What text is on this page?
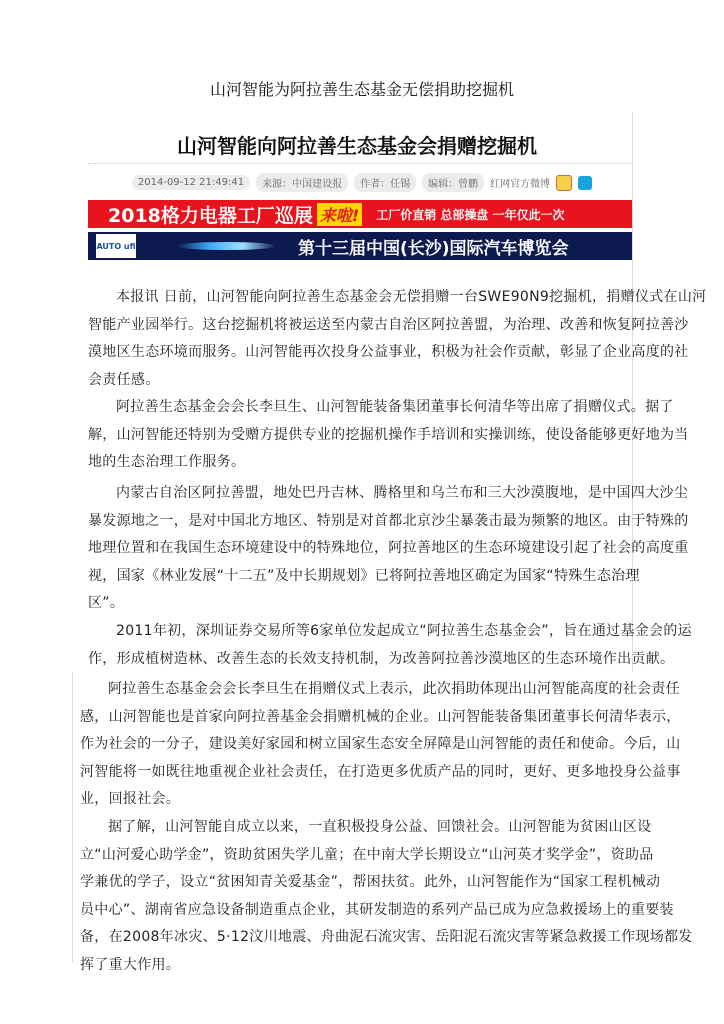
山河智能为阿拉善生态基金无偿捐助挖掘机
山河智能向阿拉善生态基金会捐赠挖掘机
2014-09-12 21:49:41	来源：中国建设报	作者：任锡	编辑：曾鹏	红网官方微博
2018格力电器工厂巡展 来啦! 工厂价直销 总部操盘 一年仅此一次
AUTO ufi	第十三届中国(长沙)国际汽车博览会
本报讯 日前，山河智能向阿拉善生态基金会无偿捐赠一台SWE90N9挖掘机，捐赠仪式在山河
智能产业园举行。这台挖掘机将被运送至内蒙古自治区阿拉善盟，为治理、改善和恢复阿拉善沙
漠地区生态环境而服务。山河智能再次投身公益事业，积极为社会作贡献，彰显了企业高度的社
会责任感。
阿拉善生态基金会会长李旦生、山河智能装备集团董事长何清华等出席了捐赠仪式。据了
解，山河智能还特别为受赠方提供专业的挖掘机操作手培训和实操训练，使设备能够更好地为当
地的生态治理工作服务。
内蒙古自治区阿拉善盟，地处巴丹吉林、腾格里和乌兰布和三大沙漠腹地，是中国四大沙尘
暴发源地之一，是对中国北方地区、特别是对首都北京沙尘暴袭击最为频繁的地区。由于特殊的
地理位置和在我国生态环境建设中的特殊地位，阿拉善地区的生态环境建设引起了社会的高度重
视，国家《林业发展“十二五”及中长期规划》已将阿拉善地区确定为国家“特殊生态治理
区”。
2011年初，深圳证券交易所等6家单位发起成立“阿拉善生态基金会”，旨在通过基金会的运
作，形成植树造林、改善生态的长效支持机制，为改善阿拉善沙漠地区的生态环境作出贡献。
阿拉善生态基金会会长李旦生在捐赠仪式上表示，此次捐助体现出山河智能高度的社会责任
感，山河智能也是首家向阿拉善基金会捐赠机械的企业。山河智能装备集团董事长何清华表示，
作为社会的一分子，建设美好家园和树立国家生态安全屏障是山河智能的责任和使命。今后，山
河智能将一如既往地重视企业社会责任，在打造更多优质产品的同时，更好、更多地投身公益事
业，回报社会。
据了解，山河智能自成立以来，一直积极投身公益、回馈社会。山河智能为贫困山区设
立“山河爱心助学金”，资助贫困失学儿童；在中南大学长期设立“山河英才奖学金”，资助品
学兼优的学子，设立“贫困知青关爱基金”，帮困扶贫。此外，山河智能作为“国家工程机械动
员中心”、湖南省应急设备制造重点企业，其研发制造的系列产品已成为应急救援场上的重要装
备，在2008年冰灾、5·12汶川地震、舟曲泥石流灾害、岳阳泥石流灾害等紧急救援工作现场都发
挥了重大作用。
